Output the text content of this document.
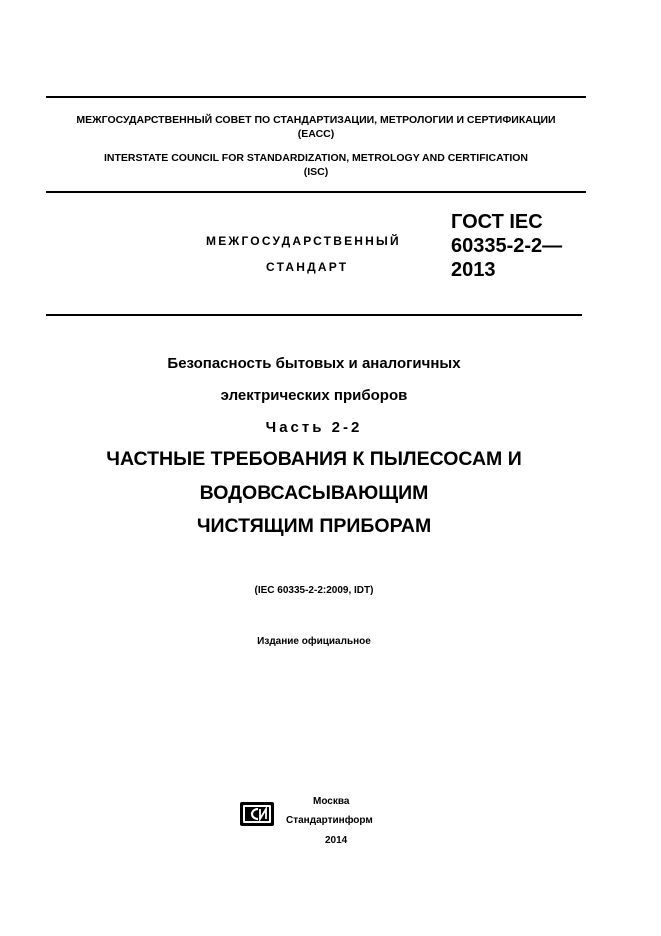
МЕЖГОСУДАРСТВЕННЫЙ СОВЕТ ПО СТАНДАРТИЗАЦИИ, МЕТРОЛОГИИ И СЕРТИФИКАЦИИ
(ЕАСС)
INTERSTATE COUNCIL FOR STANDARDIZATION, METROLOGY AND CERTIFICATION
(ISC)
МЕЖГОСУДАРСТВЕННЫЙ
СТАНДАРТ
ГОСТ IEC
60335-2-2—
2013
Безопасность бытовых и аналогичных
электрических приборов
Часть 2-2
ЧАСТНЫЕ ТРЕБОВАНИЯ К ПЫЛЕСОСАМ И
ВОДОВСАСЫВАЮЩИМ
ЧИСТЯЩИМ ПРИБОРАМ
(IEC 60335-2-2:2009, IDT)
Издание официальное
Москва
Стандартинформ
2014
